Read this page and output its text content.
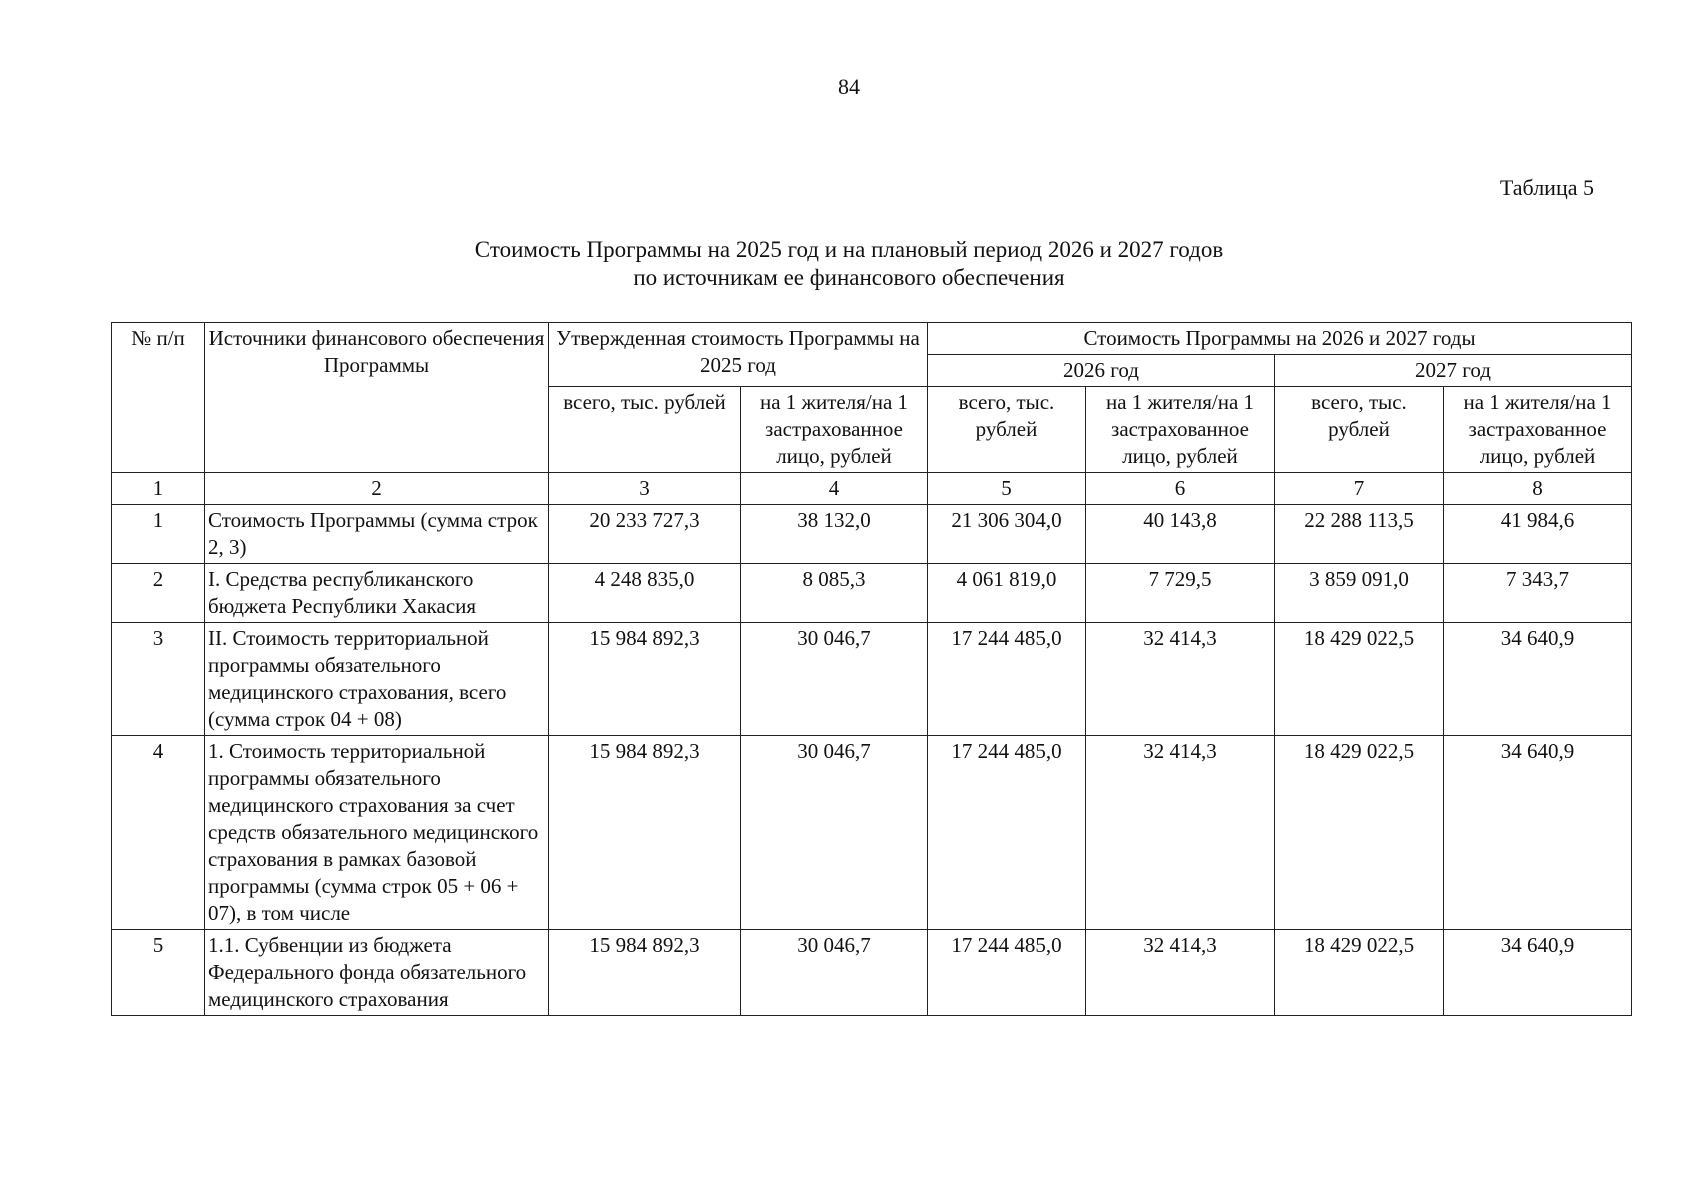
84
Таблица 5
Стоимость Программы на 2025 год и на плановый период 2026 и 2027 годов
по источникам ее финансового обеспечения
№ п/п	Источники финансового обеспечения Программы	Утвержденная стоимость Программы на 2025 год		Стоимость Программы на 2026 и 2027 годы			
				2026 год		2027 год	
		всего, тыс. рублей	на 1 жителя/на 1 застрахованное лицо, рублей	всего, тыс. рублей	на 1 жителя/на 1 застрахованное лицо, рублей	всего, тыс. рублей	на 1 жителя/на 1 застрахованное лицо, рублей
1	2	3	4	5	6	7	8
1	Стоимость Программы (сумма строк 2, 3)	20 233 727,3	38 132,0	21 306 304,0	40 143,8	22 288 113,5	41 984,6
2	I. Средства республиканского бюджета Республики Хакасия	4 248 835,0	8 085,3	4 061 819,0	7 729,5	3 859 091,0	7 343,7
3	II. Стоимость территориальной программы обязательного медицинского страхования, всего (сумма строк 04 + 08)	15 984 892,3	30 046,7	17 244 485,0	32 414,3	18 429 022,5	34 640,9
4	1. Стоимость территориальной программы обязательного медицинского страхования за счет средств обязательного медицинского страхования в рамках базовой программы (сумма строк 05 + 06 + 07), в том числе	15 984 892,3	30 046,7	17 244 485,0	32 414,3	18 429 022,5	34 640,9
5	1.1. Субвенции из бюджета Федерального фонда обязательного медицинского страхования	15 984 892,3	30 046,7	17 244 485,0	32 414,3	18 429 022,5	34 640,9
